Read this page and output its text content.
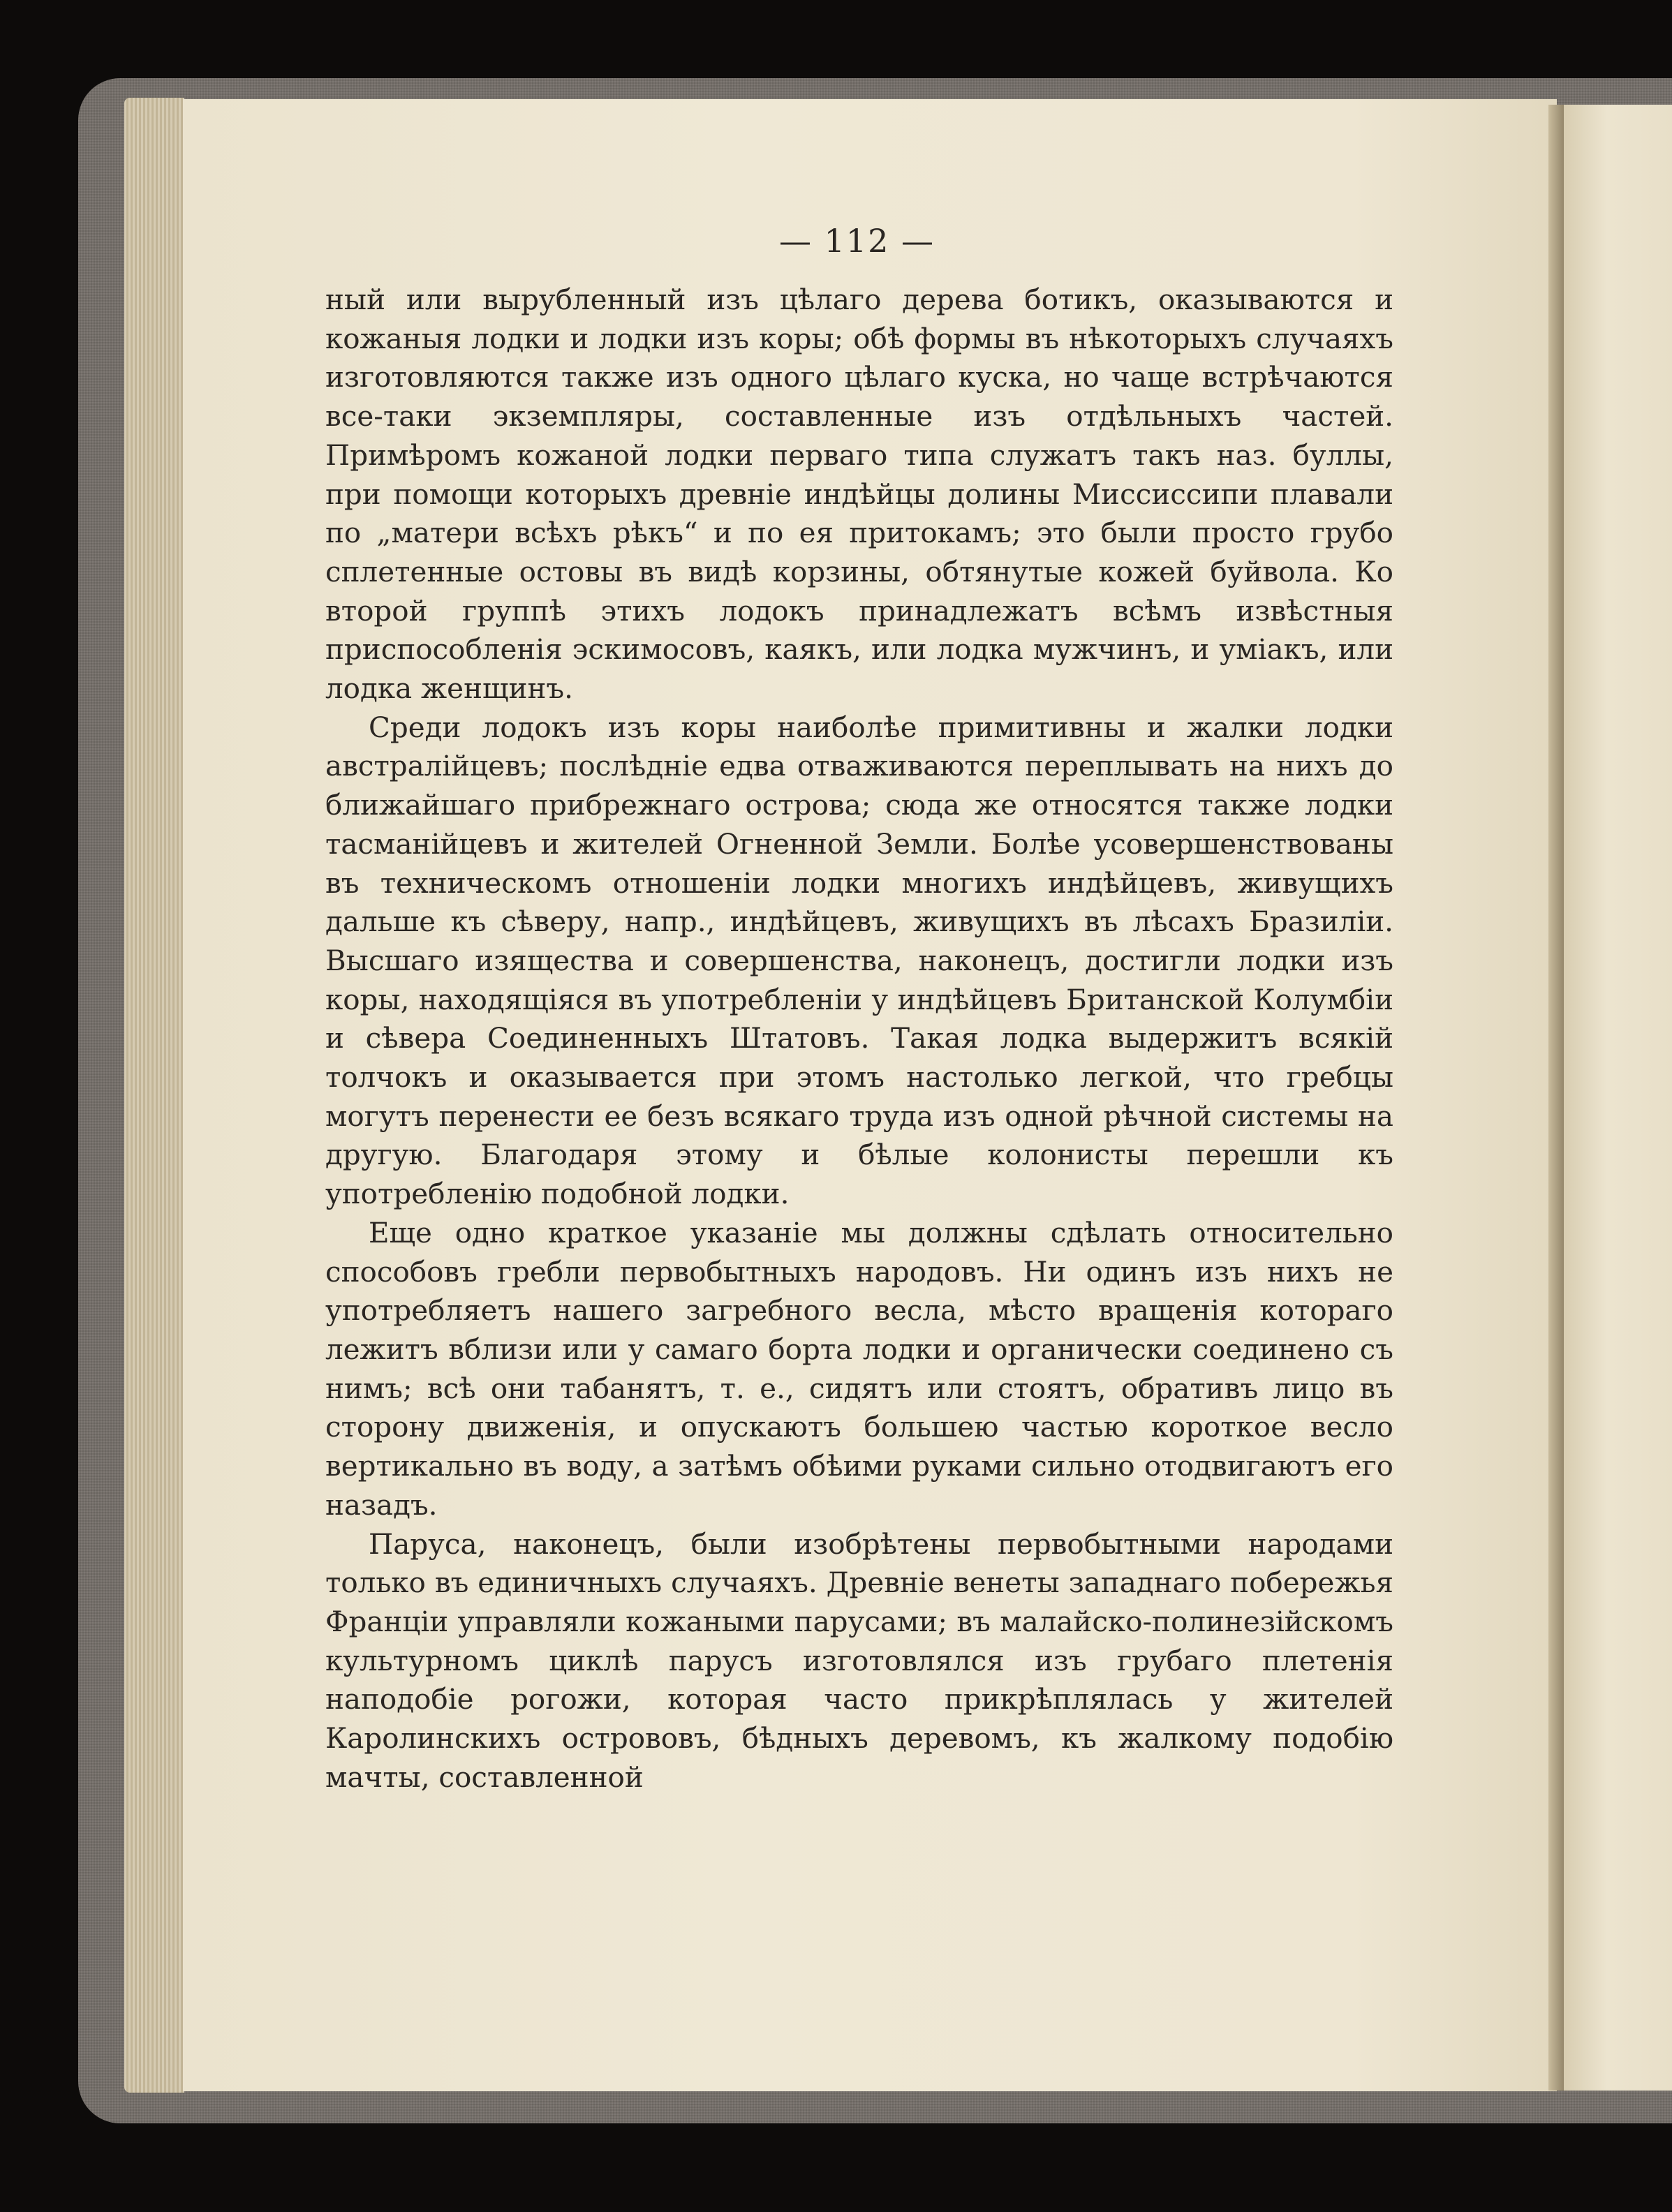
— 112 —

ный или вырубленный изъ цѣлаго дерева ботикъ, оказываются и кожаныя лодки и лодки изъ коры; обѣ формы въ нѣкоторыхъ случаяхъ изготовляются также изъ одного цѣлаго куска, но чаще встрѣчаются все-таки экземпляры, составленные изъ отдѣльныхъ частей. Примѣромъ кожаной лодки перваго типа служатъ такъ наз. буллы, при помощи которыхъ древніе индѣйцы долины Миссиссипи плавали по „матери всѣхъ рѣкъ“ и по ея притокамъ; это были просто грубо сплетенные остовы въ видѣ корзины, обтянутые кожей буйвола. Ко второй группѣ этихъ лодокъ принадлежатъ всѣмъ извѣстныя приспособленія эскимосовъ, каякъ, или лодка мужчинъ, и уміакъ, или лодка женщинъ.

Среди лодокъ изъ коры наиболѣе примитивны и жалки лодки австралійцевъ; послѣдніе едва отваживаются переплывать на нихъ до ближайшаго прибрежнаго острова; сюда же относятся также лодки тасманійцевъ и жителей Огненной Земли. Болѣе усовершенствованы въ техническомъ отношеніи лодки многихъ индѣйцевъ, живущихъ дальше къ сѣверу, напр., индѣйцевъ, живущихъ въ лѣсахъ Бразиліи. Высшаго изящества и совершенства, наконецъ, достигли лодки изъ коры, находящіяся въ употребленіи у индѣйцевъ Британской Колумбіи и сѣвера Соединенныхъ Штатовъ. Такая лодка выдержитъ всякій толчокъ и оказывается при этомъ настолько легкой, что гребцы могутъ перенести ее безъ всякаго труда изъ одной рѣчной системы на другую. Благодаря этому и бѣлые колонисты перешли къ употребленію подобной лодки.

Еще одно краткое указаніе мы должны сдѣлать относительно способовъ гребли первобытныхъ народовъ. Ни одинъ изъ нихъ не употребляетъ нашего загребного весла, мѣсто вращенія котораго лежитъ вблизи или у самаго борта лодки и органически соединено съ нимъ; всѣ они табанятъ, т. е., сидятъ или стоятъ, обративъ лицо въ сторону движенія, и опускаютъ большею частью короткое весло вертикально въ воду, а затѣмъ обѣими руками сильно отодвигаютъ его назадъ.

Паруса, наконецъ, были изобрѣтены первобытными народами только въ единичныхъ случаяхъ. Древніе венеты западнаго побережья Франціи управляли кожаными парусами; въ малайско-полинезійскомъ культурномъ циклѣ парусъ изготовлялся изъ грубаго плетенія наподобіе рогожи, которая часто прикрѣплялась у жителей Каролинскихъ острововъ, бѣдныхъ деревомъ, къ жалкому подобію мачты, составленной
